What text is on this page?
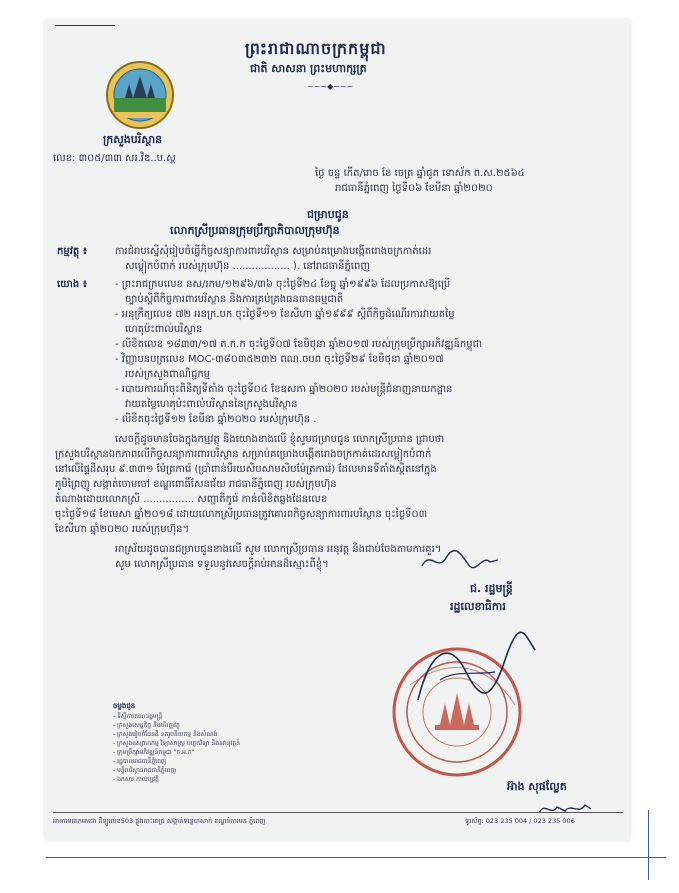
ព្រះរាជាណាចក្រកម្ពុជា
ជាតិ សាសនា ព្រះមហាក្សត្រ
~~~◆~~~
ក្រសួងបរិស្ថាន
លេខ: ៣០៥/៣៣ សរ.វិឌ..ប.ស្ព
ថ្ងៃ ចន្ទ កើត/រោច ខែ ចេត្រ ឆ្នាំជូត ទោស័ក ព.ស.២៥៦៤
រាជធានីភ្នំពេញ ថ្ងៃទី០៦ ខែមីនា ឆ្នាំ២០២០
ជម្រាបជូន
លោកស្រីប្រធានក្រុមប្រឹក្សាភិបាលក្រុមហ៊ុន
កម្មវត្ថុ ៖	ការជំរាបស្នើសុំរៀបចំធ្វើកិច្ចសន្យាការពារបរិស្ថាន សម្រាប់គម្រោងបង្កើតរោងចក្រកាត់ដេរ
សម្លៀកបំពាក់ របស់ក្រុមហ៊ុន .................. ). នៅរាជធានីភ្នំពេញ
យោង ៖	- ព្រះរាជក្រមលេខ នស/រកម/១២៩៦/៣៦ ចុះថ្ងៃទី២៤ ខែធ្នូ ឆ្នាំ១៩៩៦ ដែលប្រកាសឱ្យប្រើ
ច្បាប់ស្តីពីកិច្ចការពារបរិស្ថាន និងការគ្រប់គ្រងធនធានធម្មជាតិ
- អនុក្រឹត្យលេខ ៧២ អនក្រ.បក ចុះថ្ងៃទី១១ ខែសីហា ឆ្នាំ១៩៩៩ ស្តីពីកិច្ចដំណើរការវាយតម្លៃ
ហេតុប៉ះពាល់បរិស្ថាន
- លិខិតលេខ ១៨៣៣/១៧ ត.ក.ក ចុះថ្ងៃទី០៧ ខែមិថុនា ឆ្នាំ២០១៧ របស់ក្រុមប្រឹក្សាអភិវឌ្ឍន៍កម្ពុជា
- វិញ្ញាបនបត្រលេខ MOC-៣៨០៣៥២៣២ ពណ.ចបព ចុះថ្ងៃទី២៩ ខែមិថុនា ឆ្នាំ២០១៧
របស់ក្រសួងពាណិជ្ជកម្ម
- របាយការណ៍ចុះពិនិត្យទីតាំង ចុះថ្ងៃទី០៤ ខែឧសភា ឆ្នាំ២០២០ របស់មន្ត្រីជំនាញនាយកដ្ឋាន
វាយតម្លៃហេតុប៉ះពាល់បរិស្ថាននៃក្រសួងបរិស្ថាន
- លិខិតចុះថ្ងៃទី១២ ខែមីនា ឆ្នាំ២០២០ របស់ក្រុមហ៊ុន .
សេចក្តីដូចមានចែងក្នុងកម្មវត្ថុ និងយោងខាងលើ ខ្ញុំសូមជម្រាបជូន លោកស្រីប្រធាន ជ្រាបថា
ក្រសួងបរិស្ថានឯកភាពលើកិច្ចសន្យាការពារបរិស្ថាន សម្រាប់គម្រោងបង្កើតរោងចក្រកាត់ដេរសម្លៀកបំពាក់
នៅលើផ្ទៃដីសរុប ៩.៣៣១ ម៉ែត្រការ៉េ (ប្រាំពាន់បីរយសិបសាមសិបម៉ែត្រការ៉េ) ដែលមានទីតាំងស្ថិតនៅក្នុង
ភូមិព្រៃញូ សង្កាត់ចោមចៅ ខណ្ឌពោធិ៍សែនជ័យ រាជធានីភ្នំពេញ របស់ក្រុមហ៊ុន
តំណាងដោយលោកស្រី ................ សញ្ជាតិកូរ៉េ កាន់លិខិតឆ្លងដែនលេខ
ចុះថ្ងៃទី១៨ ខែមេសា ឆ្នាំ២០១៨ ដោយលោកស្រីប្រធានត្រូវគោរពកិច្ចសន្យាការពារបរិស្ថាន ចុះថ្ងៃទី០៣
ខែសីហា ឆ្នាំ២០២០ របស់ក្រុមហ៊ុន។
អាស្រ័យដូចបានជម្រាបជូនខាងលើ សូម លោកស្រីប្រធាន អនុវត្ត និងជាប់ចែងតាមការគួរ។
សូម លោកស្រីប្រធាន ទទួលនូវសេចក្តីរាប់អានដ៏ស្មោះពីខ្ញុំ។
ជ. រដ្ឋមន្ត្រី
រដ្ឋលេខាធិការ
អ៊ាង សុផល្លែត
ចម្លងជូន
- ទីស្តីការគណៈរដ្ឋមន្ត្រី
- ក្រសួងសេដ្ឋកិច្ច និងហិរញ្ញវត្ថុ
- ក្រសួងរៀបចំដែនដី នគរូបនីយកម្ម និងសំណង់
- ក្រសួងឧស្សាហកម្ម វិទ្យាសាស្ត្រ បច្ចេកវិទ្យា និងនវានុវត្តន៍
- ក្រុមប្រឹក្សាអភិវឌ្ឍន៍កម្ពុជា "ក.អ.ក"
- រដ្ឋបាលរាជធានីភ្នំពេញ
- មន្ទីរបរិស្ថានរាជធានីភ្នំពេញ
- ឯកសារ កាលប្បវត្តិ
អាគារមរតកតេជោ ដីឡូលេខ503 ផ្លូវកោះពេជ្រ សង្កាត់ទន្លេបាសាក់ ខណ្ឌចំការមន ភ្នំពេញ	ទូរស័ព្ទ: 023 235 004 / 023 235 006
